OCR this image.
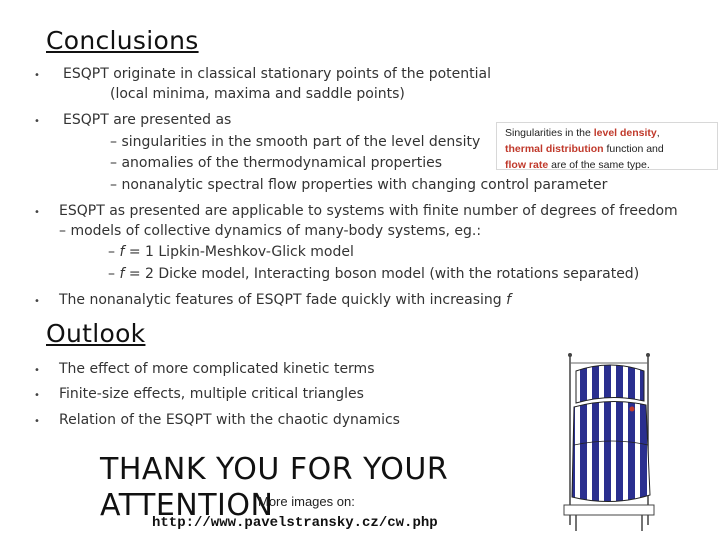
Conclusions
• ESQPT originate in classical stationary points of the potential
(local minima, maxima and saddle points)
• ESQPT are presented as
– singularities in the smooth part of the level density
– anomalies of the thermodynamical properties
– nonanalytic spectral flow properties with changing control parameter
Singularities in the level density,
thermal distribution function and
flow rate are of the same type.
• ESQPT as presented are applicable to systems with finite number of degrees of freedom
– models of collective dynamics of many-body systems, eg.:
– f = 1 Lipkin-Meshkov-Glick model
– f = 2 Dicke model, Interacting boson model (with the rotations separated)
• The nonanalytic features of ESQPT fade quickly with increasing f
Outlook
• The effect of more complicated kinetic terms
• Finite-size effects, multiple critical triangles
• Relation of the ESQPT with the chaotic dynamics
THANK YOU FOR YOUR
ATTENTION
More images on:
http://www.pavelstransky.cz/cw.php
